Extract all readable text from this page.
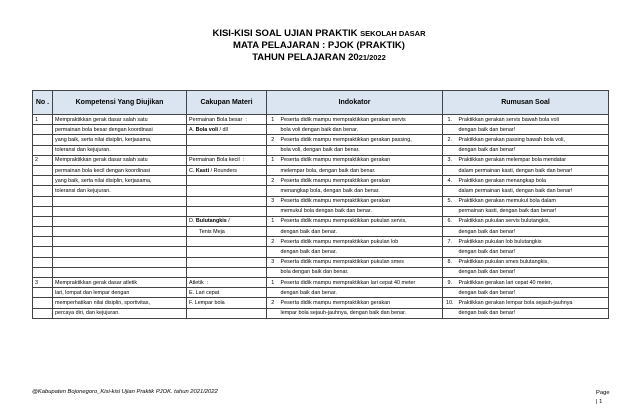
KISI-KISI SOAL UJIAN PRAKTIK SEKOLAH DASAR
MATA PELAJARAN : PJOK (PRAKTIK)
TAHUN PELAJARAN 2021/2022
No .	Kompetensi Yang Diujikan	Cakupan Materi	Indokator		Rumusan Soal	
1	Mempraktikkan gerak dasar salah satu	Permainan Bola besar  :	1	Peserta didik mampu mempraktikkan gerakan servis	1.	Praktikkan gerakan servis bawah bola voli
	permainan bola besar dengan koordinasi	A. Bola voli / dll		bola voli dengan baik dan benar.		dengan baik dan benar!
	yang baik, serta nilai disiplin, kerjasama,		2	Peserta didik mampu mempraktikkan gerakan passing,	2.	Praktikkan gerakan passing bawah bola voli,
	toleransi dan kejujuran.			bola voli, dengan baik dan benar.		dengan baik dan benar!
2	Mempraktikkan gerak dasar salah satu	Permainan Bola kecil  :	1	Peserta didik mampu mempraktikkan gerakan	3.	Praktikkan gerakan melempar bola mendatar
	permainan bola kecil dengan koordinasi	C. Kasti / Rounders		melempar bola, dengan baik dan benar.		dalam permainan kasti, dengan baik dan benar!
	yang baik, serta nilai disiplin, kerjasama,		2	Peserta didik mampu mempraktikkan gerakan	4.	Praktikkan gerakan menangkap bola
	toleransi dan kejujuran.			menangkap bola, dengan baik dan benar.		dalam permainan kasti, dengan baik dan benar!
			3	Peserta didik mampu mempraktikkan gerakan	5.	Praktikkan gerakan memukul bola dalam
				memukul bola dengan baik dan benar.		permainan kasti, dengan baik dan benar!
		D. Bulutangkis /	1	Peserta didik mampu mempraktikkan pukulan servis,	6.	Praktikkan pukulan servis bulutangkis,
		Tenis Meja		dengan baik dan benar.		dengan baik dan benar!
			2	Peserta didik mampu mempraktikkan pukulan lob	7.	Praktikkan pukulan lob bulutangkis
				dengan baik dan benar.		dengan baik dan benar!
			3	Peserta didik mampu mempraktikkan pukulan smes	8.	Praktikkan pukulan smes bulutangkis,
				bola dengan baik dan benar.		dengan baik dan benar!
3	Mempraktikkan gerak dasar atletik	Atletik  :	1	Peserta didik mampu mempraktikkan lari cepat 40 meter	9.	Praktikkan gerakan lari cepat 40 meter,
	lari, lompat dan lempar dengan	E. Lari cepat		dengan baik dan benar.		dengan baik dan benar!
	memperhatikan nilai disiplin, sportivitas,	F. Lempar bola	2	Peserta didik mampu mempraktikkan gerakan	10.	Praktikkan gerakan lempar bola sejauh-jauhnya
	percaya diri, dan kejujuran.			lempar bola sejauh-jauhnya, dengan baik dan benar.		dengan baik dan benar!
@Kabupaten Bojonegoro_Kisi-kisi Ujian Praktik PJOK. tahun 2021/2022	Page
| 1
